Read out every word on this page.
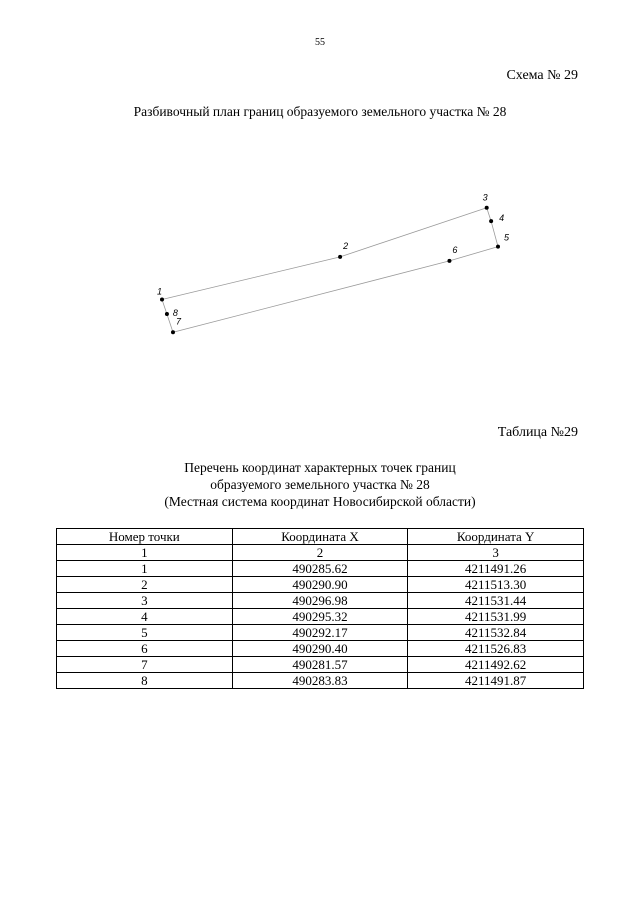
55
Схема № 29
Разбивочный план границ образуемого земельного участка № 28
1
2
3
4
5
6
7
8
Таблица №29
Перечень координат характерных точек границ
образуемого земельного участка № 28
(Местная система координат Новосибирской области)
Номер точки	Координата X	Координата Y
1	2	3
1	490285.62	4211491.26
2	490290.90	4211513.30
3	490296.98	4211531.44
4	490295.32	4211531.99
5	490292.17	4211532.84
6	490290.40	4211526.83
7	490281.57	4211492.62
8	490283.83	4211491.87
